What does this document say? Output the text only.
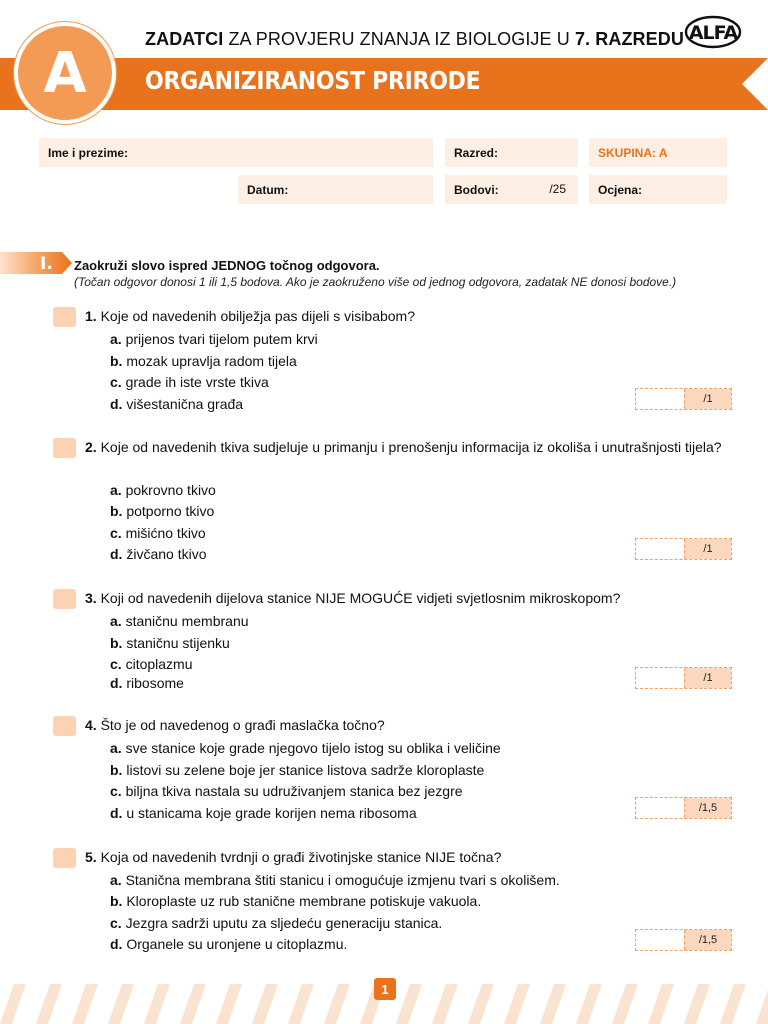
A
ZADATCI ZA PROVJERU ZNANJA IZ BIOLOGIJE U 7. RAZREDU
ORGANIZIRANOST PRIRODE
ALFA
Ime i prezime:	Razred:	SKUPINA: A
Datum:	Bodovi:	/25	Ocjena:
I. Zaokruži slovo ispred JEDNOG točnog odgovora.
(Točan odgovor donosi 1 ili 1,5 bodova. Ako je zaokruženo više od jednog odgovora, zadatak NE donosi bodove.)
1. Koje od navedenih obilježja pas dijeli s visibabom?
a. prijenos tvari tijelom putem krvi
b. mozak upravlja radom tijela
c. grade ih iste vrste tkiva
d. višestanična građa	/1
2. Koje od navedenih tkiva sudjeluje u primanju i prenošenju informacija iz okoliša i unutrašnjosti tijela?
a. pokrovno tkivo
b. potporno tkivo
c. mišićno tkivo
d. živčano tkivo	/1
3. Koji od navedenih dijelova stanice NIJE MOGUĆE vidjeti svjetlosnim mikroskopom?
a. staničnu membranu
b. staničnu stijenku
c. citoplazmu
d. ribosome	/1
4. Što je od navedenog o građi maslačka točno?
a. sve stanice koje grade njegovo tijelo istog su oblika i veličine
b. listovi su zelene boje jer stanice listova sadrže kloroplaste
c. biljna tkiva nastala su udruživanjem stanica bez jezgre
d. u stanicama koje grade korijen nema ribosoma	/1,5
5. Koja od navedenih tvrdnji o građi životinjske stanice NIJE točna?
a. Stanična membrana štiti stanicu i omogućuje izmjenu tvari s okolišem.
b. Kloroplaste uz rub stanične membrane potiskuje vakuola.
c. Jezgra sadrži uputu za sljedeću generaciju stanica.
d. Organele su uronjene u citoplazmu.	/1,5
1
